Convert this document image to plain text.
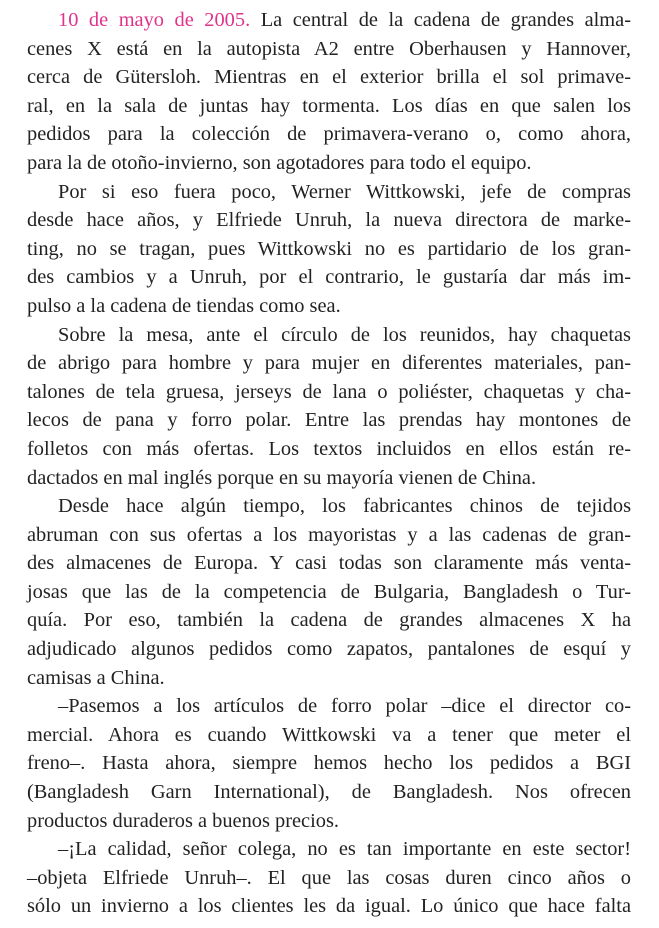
10 de mayo de 2005. La central de la cadena de grandes alma-
cenes X está en la autopista A2 entre Oberhausen y Hannover,
cerca de Gütersloh. Mientras en el exterior brilla el sol primave-
ral, en la sala de juntas hay tormenta. Los días en que salen los
pedidos para la colección de primavera-verano o, como ahora,
para la de otoño-invierno, son agotadores para todo el equipo.
Por si eso fuera poco, Werner Wittkowski, jefe de compras
desde hace años, y Elfriede Unruh, la nueva directora de marke-
ting, no se tragan, pues Wittkowski no es partidario de los gran-
des cambios y a Unruh, por el contrario, le gustaría dar más im-
pulso a la cadena de tiendas como sea.
Sobre la mesa, ante el círculo de los reunidos, hay chaquetas
de abrigo para hombre y para mujer en diferentes materiales, pan-
talones de tela gruesa, jerseys de lana o poliéster, chaquetas y cha-
lecos de pana y forro polar. Entre las prendas hay montones de
folletos con más ofertas. Los textos incluidos en ellos están re-
dactados en mal inglés porque en su mayoría vienen de China.
Desde hace algún tiempo, los fabricantes chinos de tejidos
abruman con sus ofertas a los mayoristas y a las cadenas de gran-
des almacenes de Europa. Y casi todas son claramente más venta-
josas que las de la competencia de Bulgaria, Bangladesh o Tur-
quía. Por eso, también la cadena de grandes almacenes X ha
adjudicado algunos pedidos como zapatos, pantalones de esquí y
camisas a China.
–Pasemos a los artículos de forro polar –dice el director co-
mercial. Ahora es cuando Wittkowski va a tener que meter el
freno–. Hasta ahora, siempre hemos hecho los pedidos a BGI
(Bangladesh Garn International), de Bangladesh. Nos ofrecen
productos duraderos a buenos precios.
–¡La calidad, señor colega, no es tan importante en este sector!
–objeta Elfriede Unruh–. El que las cosas duren cinco años o
sólo un invierno a los clientes les da igual. Lo único que hace falta
